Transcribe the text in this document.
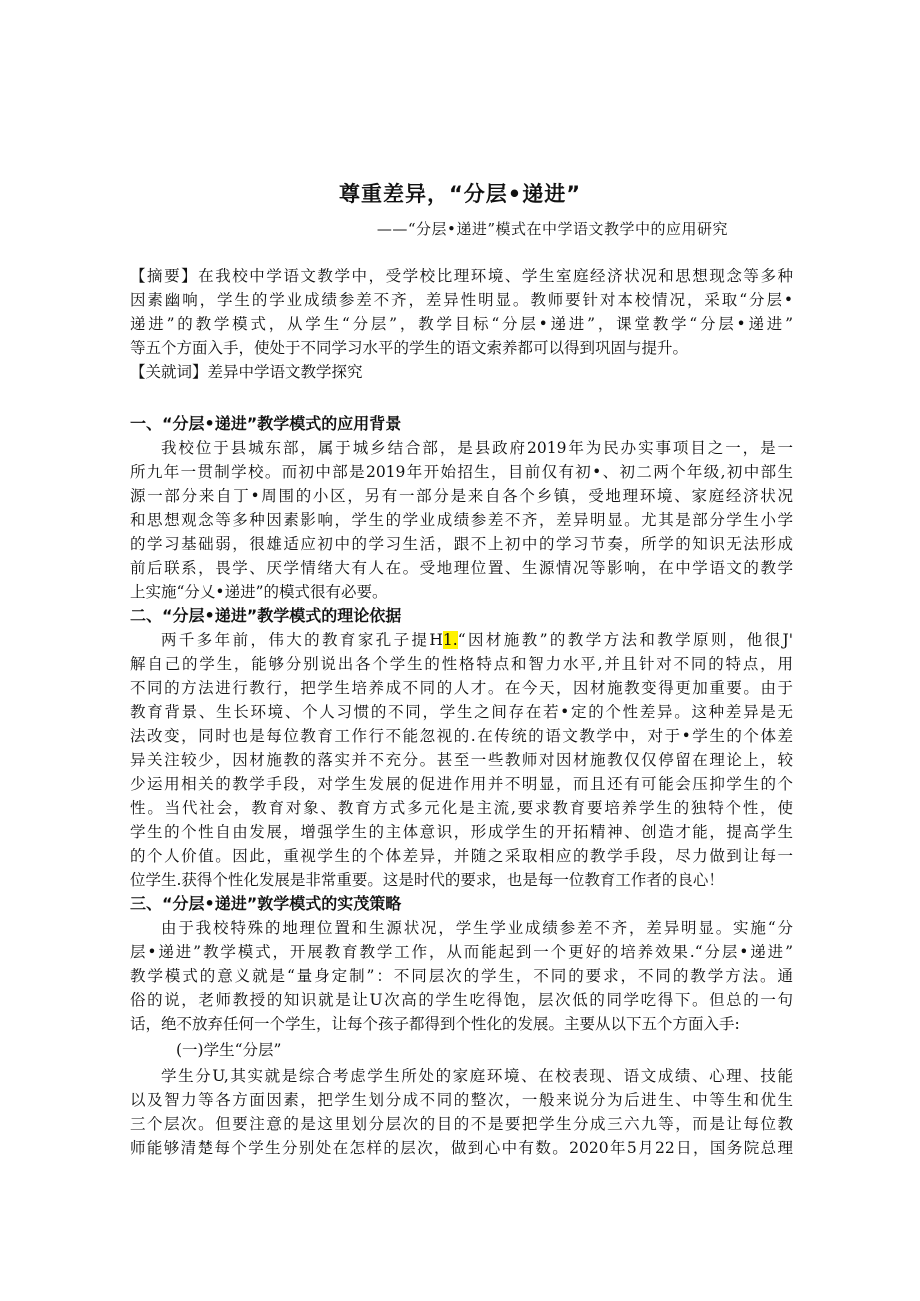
尊重差异，“分层•递进”
——“分层•递进”模式在中学语文教学中的应用研究
【摘要】在我校中学语文教学中，受学校比理环境、学生室庭经济状况和思想现念等多种
因素幽响，学生的学业成绩参差不齐，差异性明显。教师要针对本校情况，采取“分层•
递进”的教学模式，从学生“分层”，教学目标“分层•递进”，课堂教学“分层•递进”
等五个方面入手，使处于不同学习水平的学生的语文索养都可以得到巩固与提升。
【关就词】差异中学语文教学探究
一、“分层•递进”教学模式的应用背景
我校位于县城东部，属于城乡结合部，是县政府2019年为民办实事项目之一，是一
所九年一贯制学校。而初中部是2019年开始招生，目前仅有初•、初二两个年级,初中部生
源一部分来自丁•周围的小区，另有一部分是来自各个乡镇，受地理环境、家庭经济状况
和思想观念等多种因素影响，学生的学业成绩参差不齐，差异明显。尤其是部分学生小学
的学习基础弱，很雄适应初中的学习生活，跟不上初中的学习节奏，所学的知识无法形成
前后联系，畏学、厌学情绪大有人在。受地理位置、生源情况等影响，在中学语文的教学
上实施“分乂•递进”的模式很有必要。
二、“分层•递进”教学模式的理论依据
两千多年前，伟大的教育家孔子提H1.“因材施教”的教学方法和教学原则，他很J'
解自己的学生，能够分别说出各个学生的性格特点和智力水平,并且针对不同的特点，用
不同的方法进行教行，把学生培养成不同的人才。在今天，因材施教变得更加重要。由于
教育背景、生长环境、个人习惯的不同，学生之间存在若•定的个性差异。这种差异是无
法改变，同时也是每位教育工作行不能忽视的.在传统的语文教学中，对于•学生的个体差
异关注较少，因材施教的落实并不充分。甚至一些教师对因材施教仅仅停留在理论上，较
少运用相关的教学手段，对学生发展的促进作用并不明显，而且还有可能会压抑学生的个
性。当代社会，教育对象、教育方式多元化是主流,要求教育要培养学生的独特个性，使
学生的个性自由发展，增强学生的主体意识，形成学生的开拓精神、创造才能，提高学生
的个人价值。因此，重视学生的个体差异，并随之采取相应的教学手段，尽力做到让每一
位学生.获得个性化发展是非常重要。这是时代的要求，也是每一位教育工作者的良心！
三、“分层•递进”敦学模式的实茂策略
由于我校特殊的地理位置和生源状况，学生学业成绩参差不齐，差异明显。实施“分
层•递进”教学模式，开展教育教学工作，从而能起到一个更好的培养效果.“分层•递进”
教学模式的意义就是“量身定制”：不同层次的学生，不同的要求，不同的教学方法。通
俗的说，老师教授的知识就是让U次高的学生吃得饱，层次低的同学吃得下。但总的一句
话，绝不放弃任何一个学生，让每个孩子都得到个性化的发展。主要从以下五个方面入手:
(一)学生“分层”
学生分U,其实就是综合考虑学生所处的家庭环境、在校表现、语文成绩、心理、技能
以及智力等各方面因素，把学生划分成不同的整次，一般来说分为后进生、中等生和优生
三个层次。但要注意的是这里划分层次的目的不是要把学生分成三六九等，而是让每位教
师能够清楚每个学生分别处在怎样的层次，做到心中有数。2020年5月22日，国务院总理
